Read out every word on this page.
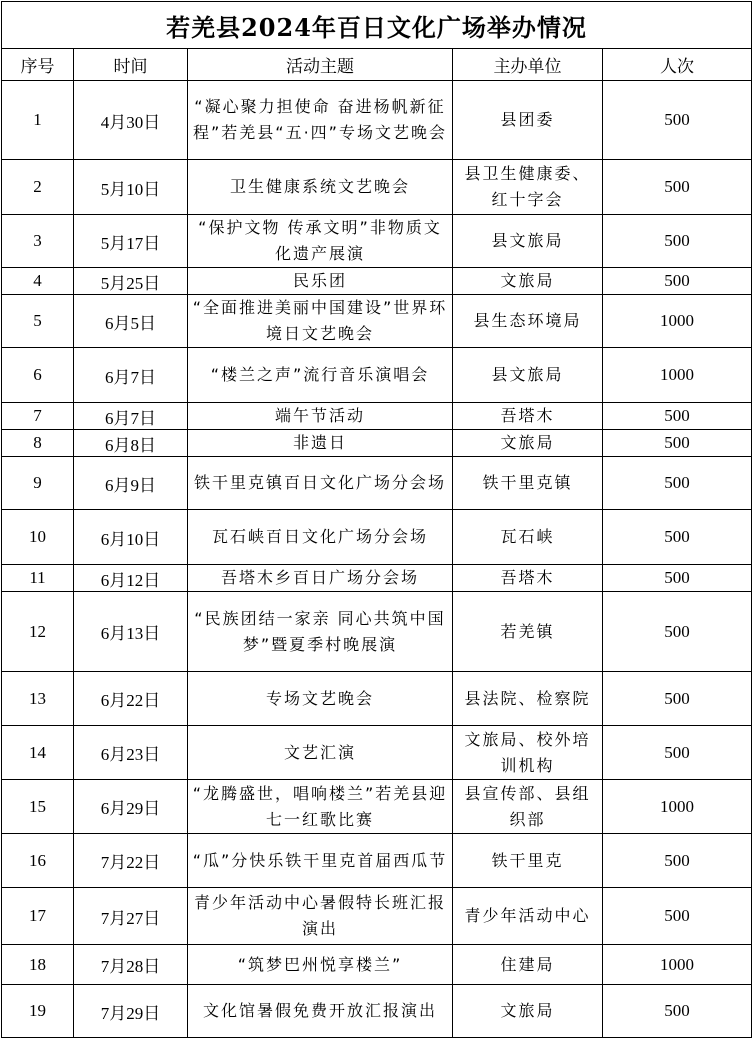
若羌县2024年百日文化广场举办情况				
序号	时间	活动主题	主办单位	人次
1	4月30日	“凝心聚力担使命 奋进杨帆新征程”若羌县“五·四”专场文艺晚会	县团委	500
2	5月10日	卫生健康系统文艺晚会	县卫生健康委、红十字会	500
3	5月17日	“保护文物 传承文明”非物质文化遗产展演	县文旅局	500
4	5月25日	民乐团	文旅局	500
5	6月5日	“全面推进美丽中国建设”世界环境日文艺晚会	县生态环境局	1000
6	6月7日	“楼兰之声”流行音乐演唱会	县文旅局	1000
7	6月7日	端午节活动	吾塔木	500
8	6月8日	非遗日	文旅局	500
9	6月9日	铁干里克镇百日文化广场分会场	铁干里克镇	500
10	6月10日	瓦石峡百日文化广场分会场	瓦石峡	500
11	6月12日	吾塔木乡百日广场分会场	吾塔木	500
12	6月13日	“民族团结一家亲 同心共筑中国梦”暨夏季村晚展演	若羌镇	500
13	6月22日	专场文艺晚会	县法院、检察院	500
14	6月23日	文艺汇演	文旅局、校外培训机构	500
15	6月29日	“龙腾盛世，唱响楼兰”若羌县迎七一红歌比赛	县宣传部、县组织部	1000
16	7月22日	“瓜”分快乐铁干里克首届西瓜节	铁干里克	500
17	7月27日	青少年活动中心暑假特长班汇报演出	青少年活动中心	500
18	7月28日	“筑梦巴州悦享楼兰”	住建局	1000
19	7月29日	文化馆暑假免费开放汇报演出	文旅局	500
